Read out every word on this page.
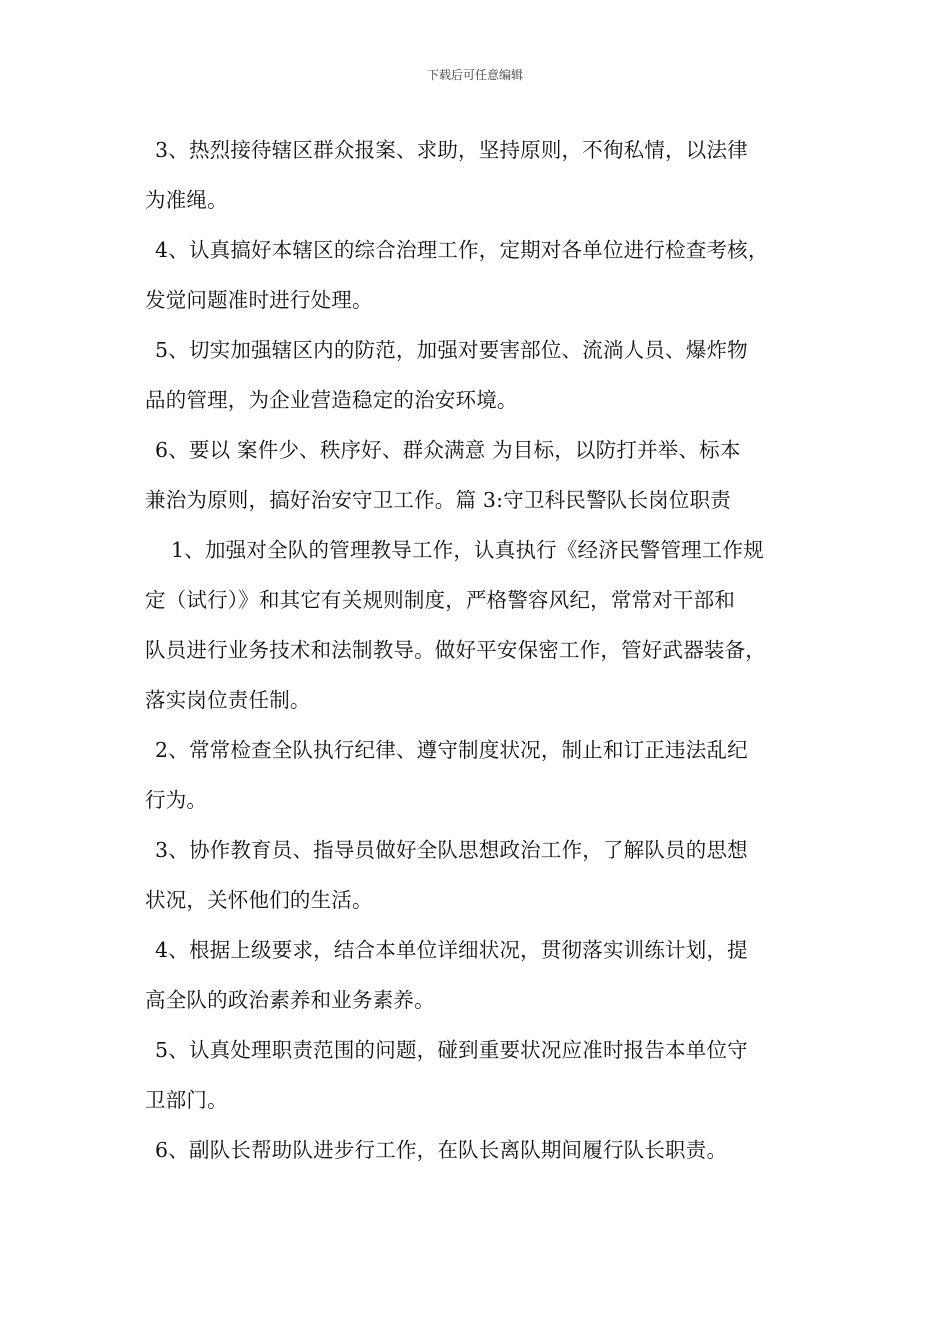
下载后可任意编辑
3、热烈接待辖区群众报案、求助，坚持原则，不徇私情，以法律
为准绳。
4、认真搞好本辖区的综合治理工作，定期对各单位进行检查考核，
发觉问题准时进行处理。
5、切实加强辖区内的防范，加强对要害部位、流淌人员、爆炸物
品的管理，为企业营造稳定的治安环境。
6、要以 案件少、秩序好、群众满意 为目标，以防打并举、标本
兼治为原则，搞好治安守卫工作。篇 3:守卫科民警队长岗位职责
1、加强对全队的管理教导工作，认真执行《经济民警管理工作规
定（试行）》和其它有关规则制度，严格警容风纪，常常对干部和
队员进行业务技术和法制教导。做好平安保密工作，管好武器装备，
落实岗位责任制。
2、常常检查全队执行纪律、遵守制度状况，制止和订正违法乱纪
行为。
3、协作教育员、指导员做好全队思想政治工作，了解队员的思想
状况，关怀他们的生活。
4、根据上级要求，结合本单位详细状况，贯彻落实训练计划，提
高全队的政治素养和业务素养。
5、认真处理职责范围的问题，碰到重要状况应准时报告本单位守
卫部门。
6、副队长帮助队进步行工作，在队长离队期间履行队长职责。
